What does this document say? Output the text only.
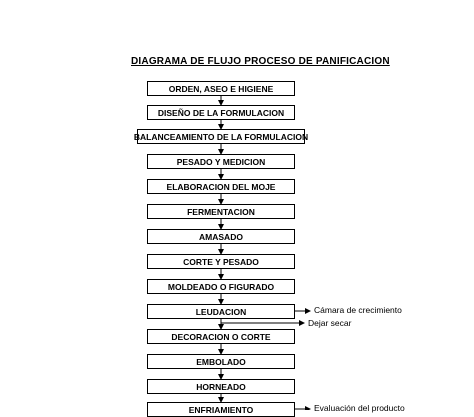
DIAGRAMA DE FLUJO PROCESO DE PANIFICACION
ORDEN, ASEO E HIGIENE
DISEÑO DE LA FORMULACION
BALANCEAMIENTO DE LA FORMULACION
PESADO Y MEDICION
ELABORACION DEL MOJE
FERMENTACION
AMASADO
CORTE Y PESADO
MOLDEADO O FIGURADO
LEUDACION
DECORACION O CORTE
EMBOLADO
HORNEADO
ENFRIAMIENTO
Cámara de crecimiento
Dejar secar
Evaluación del producto
